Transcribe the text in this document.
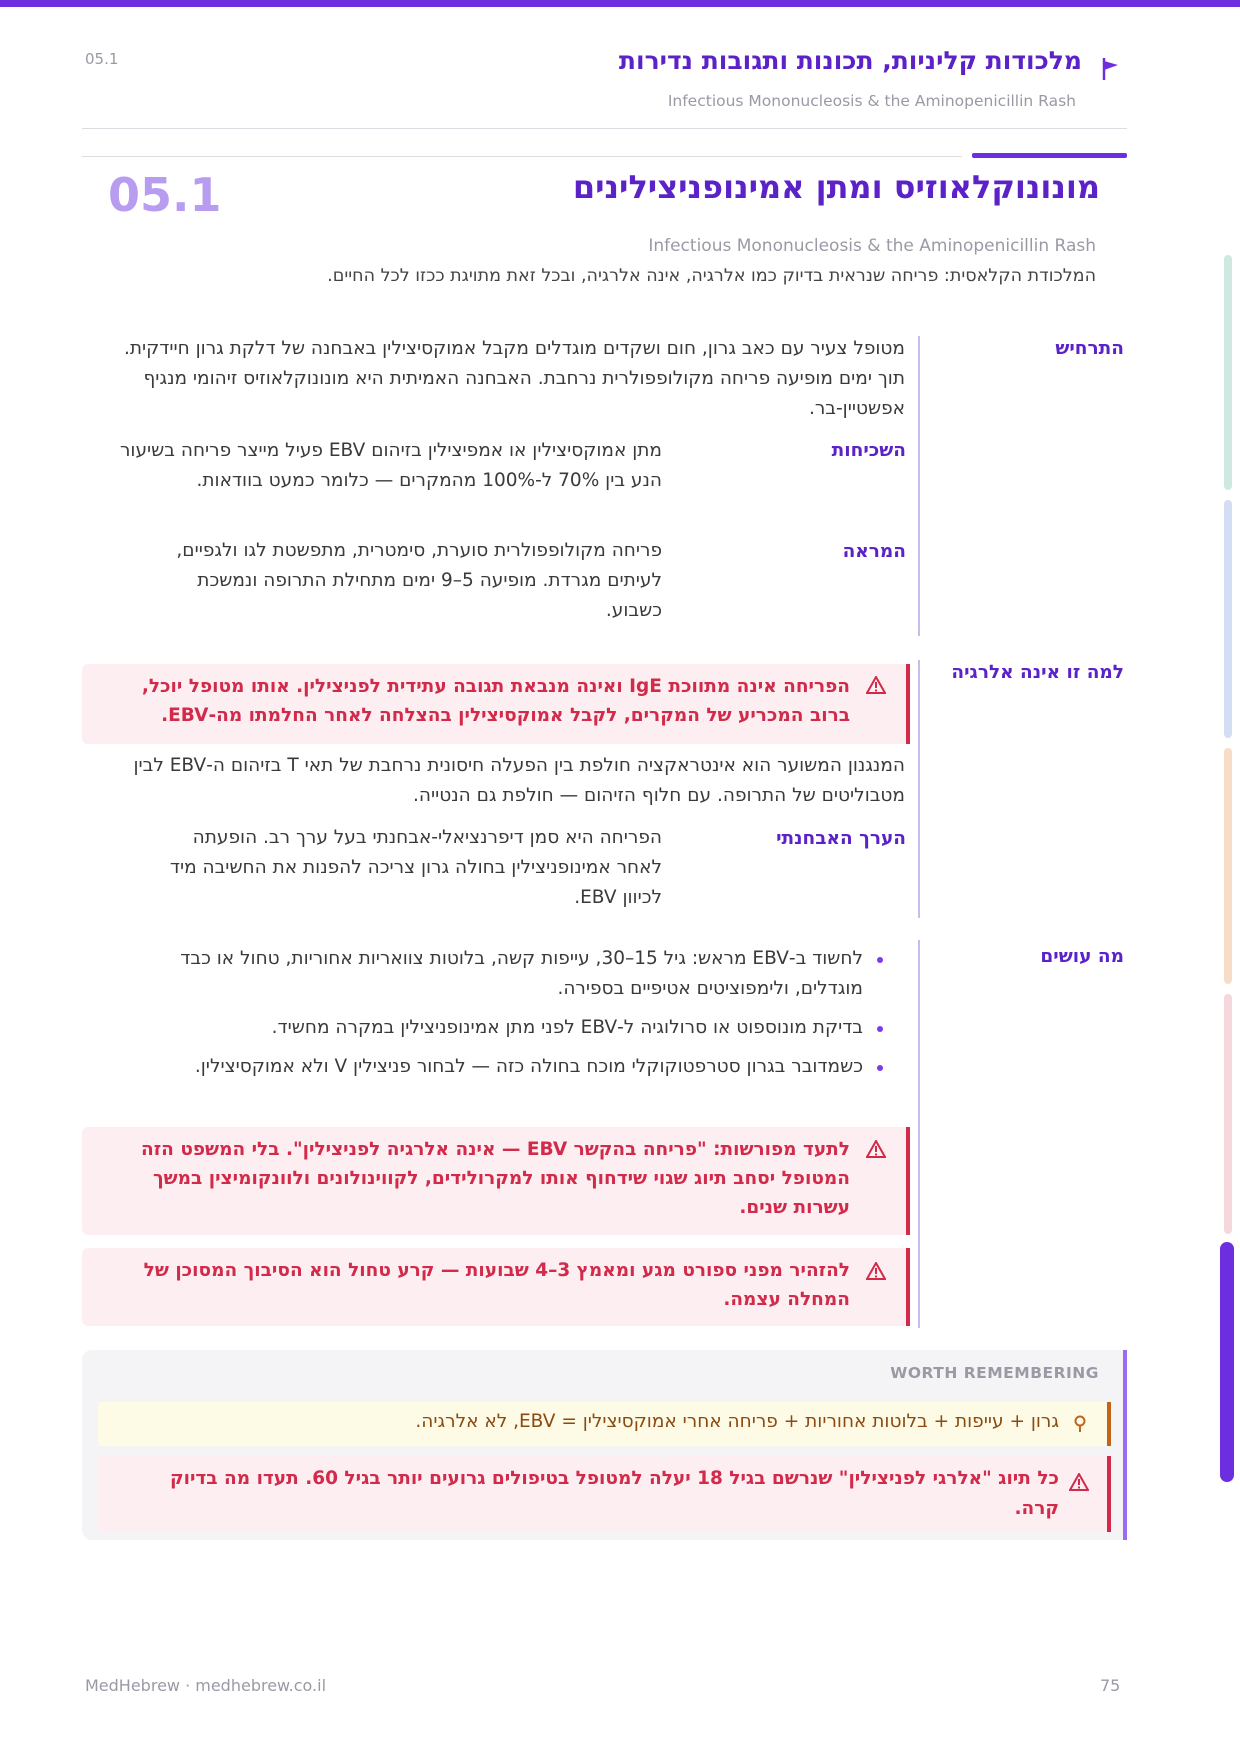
05.1	מלכודות קליניות, תכונות ותגובות נדירות
Infectious Mononucleosis & the Aminopenicillin Rash
05.1	מונונוקלאוזיס ומתן אמינופניצילינים
Infectious Mononucleosis & the Aminopenicillin Rash
המלכודת הקלאסית: פריחה שנראית בדיוק כמו אלרגיה, אינה אלרגיה, ובכל זאת מתויגת ככזו לכל החיים.
התרחיש
מטופל צעיר עם כאב גרון, חום ושקדים מוגדלים מקבל אמוקסיצילין באבחנה של דלקת גרון חיידקית. תוך ימים מופיעה פריחה מקולופפולרית נרחבת. האבחנה האמיתית היא מונונוקלאוזיס זיהומי מנגיף אפשטיין-בר.
השכיחות
מתן אמוקסיצילין או אמפיצילין בזיהום EBV פעיל מייצר פריחה בשיעור הנע בין 70% ל-100% מהמקרים — כלומר כמעט בוודאות.
המראה
פריחה מקולופפולרית סוערת, סימטרית, מתפשטת לגו ולגפיים, לעיתים מגרדת. מופיעה 5–9 ימים מתחילת התרופה ונמשכת כשבוע.
למה זו אינה אלרגיה
הפריחה אינה מתווכת IgE ואינה מנבאת תגובה עתידית לפניצילין. אותו מטופל יוכל, ברוב המכריע של המקרים, לקבל אמוקסיצילין בהצלחה לאחר החלמתו מה-EBV.
המנגנון המשוער הוא אינטראקציה חולפת בין הפעלה חיסונית נרחבת של תאי T בזיהום ה-EBV לבין מטבוליטים של התרופה. עם חלוף הזיהום — חולפת גם הנטייה.
הערך האבחנתי
הפריחה היא סמן דיפרנציאלי-אבחנתי בעל ערך רב. הופעתה לאחר אמינופניצילין בחולה גרון צריכה להפנות את החשיבה מיד לכיוון EBV.
מה עושים
לחשוד ב-EBV מראש: גיל 15–30, עייפות קשה, בלוטות צוואריות אחוריות, טחול או כבד מוגדלים, ולימפוציטים אטיפיים בספירה.
בדיקת מונוספוט או סרולוגיה ל-EBV לפני מתן אמינופניצילין במקרה מחשיד.
כשמדובר בגרון סטרפטוקוקלי מוכח בחולה כזה — לבחור פניצילין V ולא אמוקסיצילין.
לתעד מפורשות: "פריחה בהקשר EBV — אינה אלרגיה לפניצילין". בלי המשפט הזה המטופל יסחב תיוג שגוי שידחוף אותו למקרולידים, לקווינולונים ולוונקומיצין במשך עשרות שנים.
להזהיר מפני ספורט מגע ומאמץ 3–4 שבועות — קרע טחול הוא הסיבוך המסוכן של המחלה עצמה.
WORTH REMEMBERING
גרון + עייפות + בלוטות אחוריות + פריחה אחרי אמוקסיצילין = EBV, לא אלרגיה.
כל תיוג "אלרגי לפניצילין" שנרשם בגיל 18 יעלה למטופל בטיפולים גרועים יותר בגיל 60. תעדו מה בדיוק קרה.
MedHebrew · medhebrew.co.il	75
